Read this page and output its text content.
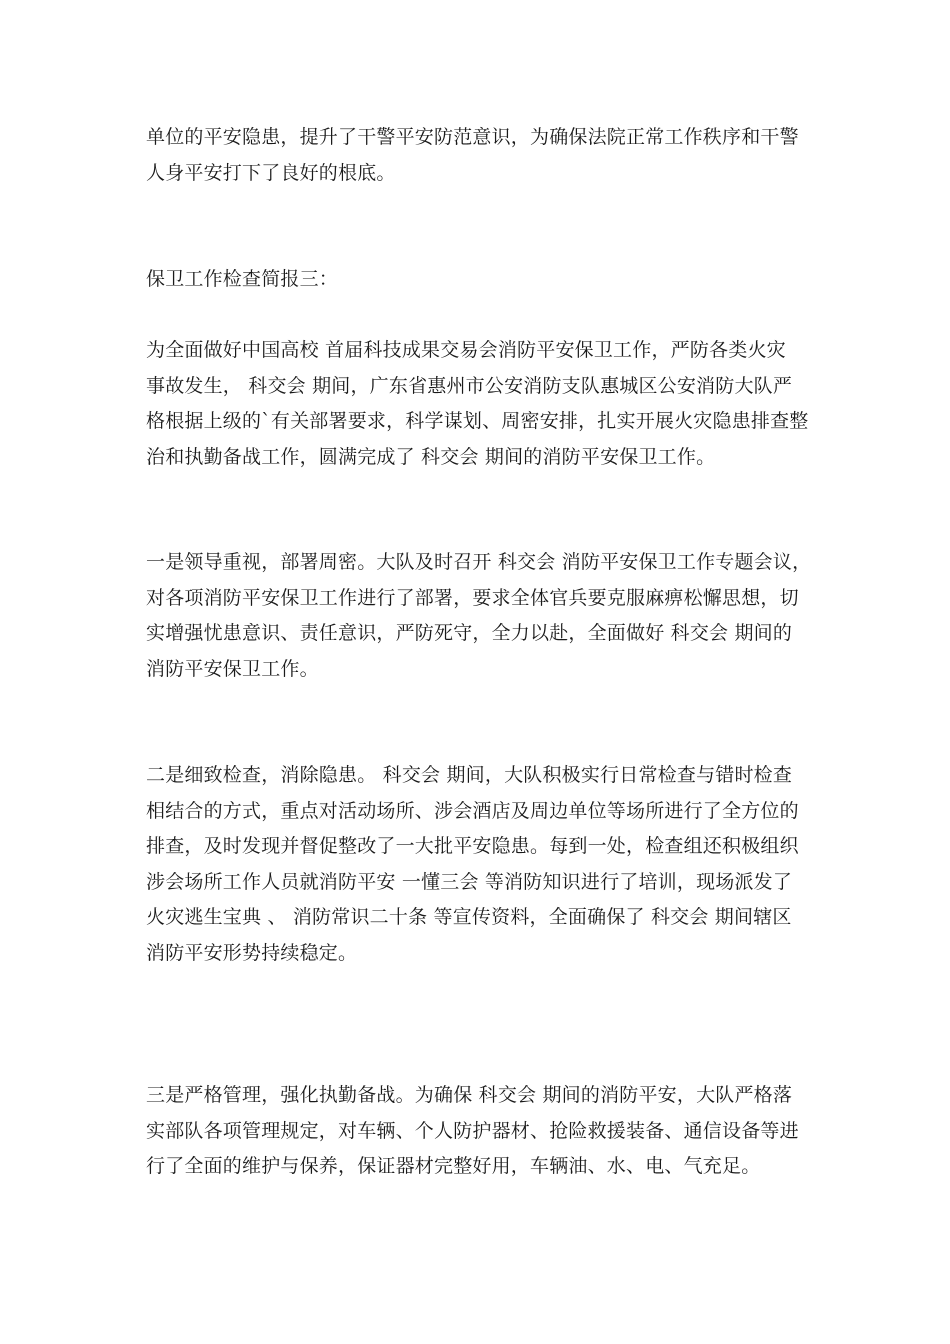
单位的平安隐患，提升了干警平安防范意识，为确保法院正常工作秩序和干警
人身平安打下了良好的根底。
保卫工作检查简报三：
为全面做好中国高校 首届科技成果交易会消防平安保卫工作，严防各类火灾
事故发生， 科交会 期间，广东省惠州市公安消防支队惠城区公安消防大队严
格根据上级的`有关部署要求，科学谋划、周密安排，扎实开展火灾隐患排查整
治和执勤备战工作，圆满完成了 科交会 期间的消防平安保卫工作。
一是领导重视，部署周密。大队及时召开 科交会 消防平安保卫工作专题会议，
对各项消防平安保卫工作进行了部署，要求全体官兵要克服麻痹松懈思想，切
实增强忧患意识、责任意识，严防死守，全力以赴，全面做好 科交会 期间的
消防平安保卫工作。
二是细致检查，消除隐患。 科交会 期间，大队积极实行日常检查与错时检查
相结合的方式，重点对活动场所、涉会酒店及周边单位等场所进行了全方位的
排查，及时发现并督促整改了一大批平安隐患。每到一处，检查组还积极组织
涉会场所工作人员就消防平安 一懂三会 等消防知识进行了培训，现场派发了
火灾逃生宝典 、 消防常识二十条 等宣传资料，全面确保了 科交会 期间辖区
消防平安形势持续稳定。
三是严格管理，强化执勤备战。为确保 科交会 期间的消防平安，大队严格落
实部队各项管理规定，对车辆、个人防护器材、抢险救援装备、通信设备等进
行了全面的维护与保养，保证器材完整好用，车辆油、水、电、气充足。
